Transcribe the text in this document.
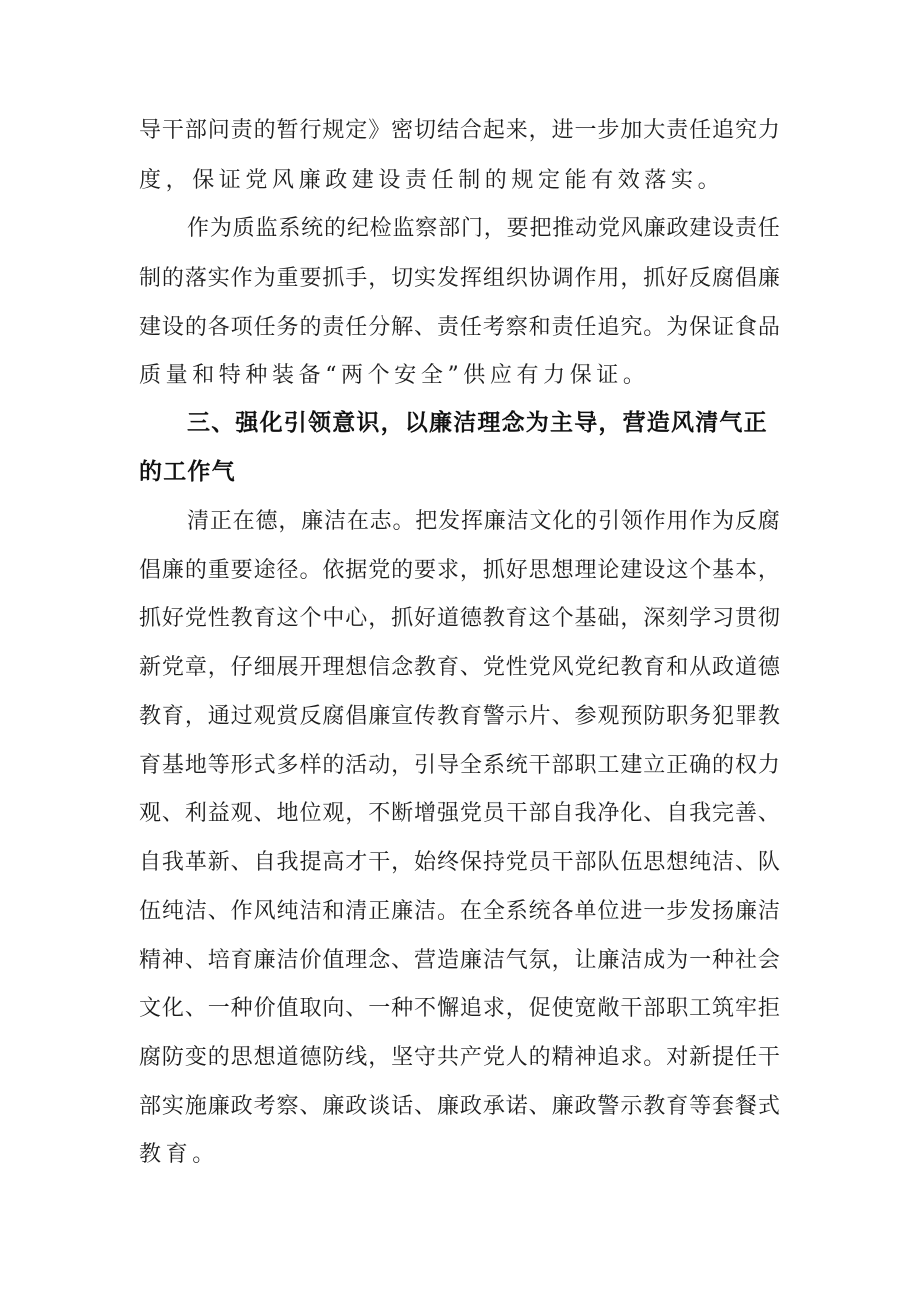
导干部问责的暂行规定》密切结合起来，进一步加大责任追究力
度，保证党风廉政建设责任制的规定能有效落实。
作为质监系统的纪检监察部门，要把推动党风廉政建设责任
制的落实作为重要抓手，切实发挥组织协调作用，抓好反腐倡廉
建设的各项任务的责任分解、责任考察和责任追究。为保证食品
质量和特种装备“两个安全”供应有力保证。
三、强化引领意识，以廉洁理念为主导，营造风清气正
的工作气
清正在德，廉洁在志。把发挥廉洁文化的引领作用作为反腐
倡廉的重要途径。依据党的要求，抓好思想理论建设这个基本，
抓好党性教育这个中心，抓好道德教育这个基础，深刻学习贯彻
新党章，仔细展开理想信念教育、党性党风党纪教育和从政道德
教育，通过观赏反腐倡廉宣传教育警示片、参观预防职务犯罪教
育基地等形式多样的活动，引导全系统干部职工建立正确的权力
观、利益观、地位观，不断增强党员干部自我净化、自我完善、
自我革新、自我提高才干，始终保持党员干部队伍思想纯洁、队
伍纯洁、作风纯洁和清正廉洁。在全系统各单位进一步发扬廉洁
精神、培育廉洁价值理念、营造廉洁气氛，让廉洁成为一种社会
文化、一种价值取向、一种不懈追求，促使宽敞干部职工筑牢拒
腐防变的思想道德防线，坚守共产党人的精神追求。对新提任干
部实施廉政考察、廉政谈话、廉政承诺、廉政警示教育等套餐式
教育。
